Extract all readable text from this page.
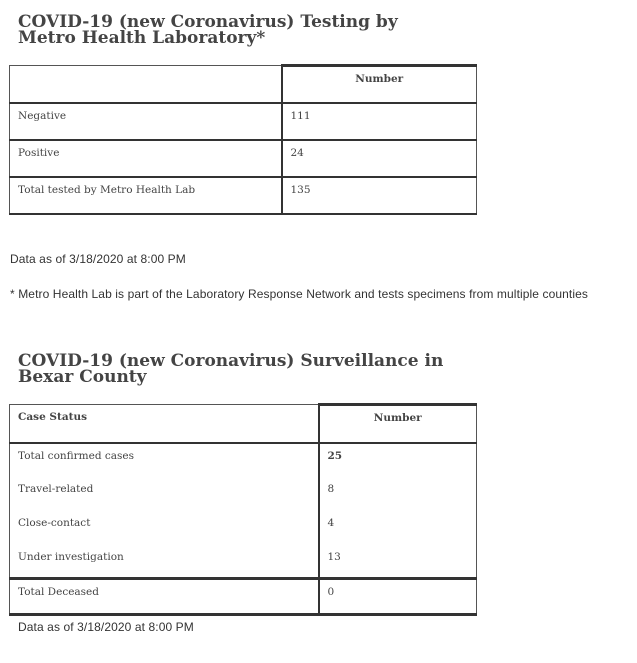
COVID-19 (new Coronavirus) Testing by Metro Health Laboratory*
	Number
Negative	111
Positive	24
Total tested by Metro Health Lab	135
Data as of 3/18/2020 at 8:00 PM
* Metro Health Lab is part of the Laboratory Response Network and tests specimens from multiple counties
COVID-19 (new Coronavirus) Surveillance in Bexar County
Case Status	Number
Total confirmed cases	25
Travel-related	8
Close-contact	4
Under investigation	13
Total Deceased	0
Data as of 3/18/2020 at 8:00 PM
